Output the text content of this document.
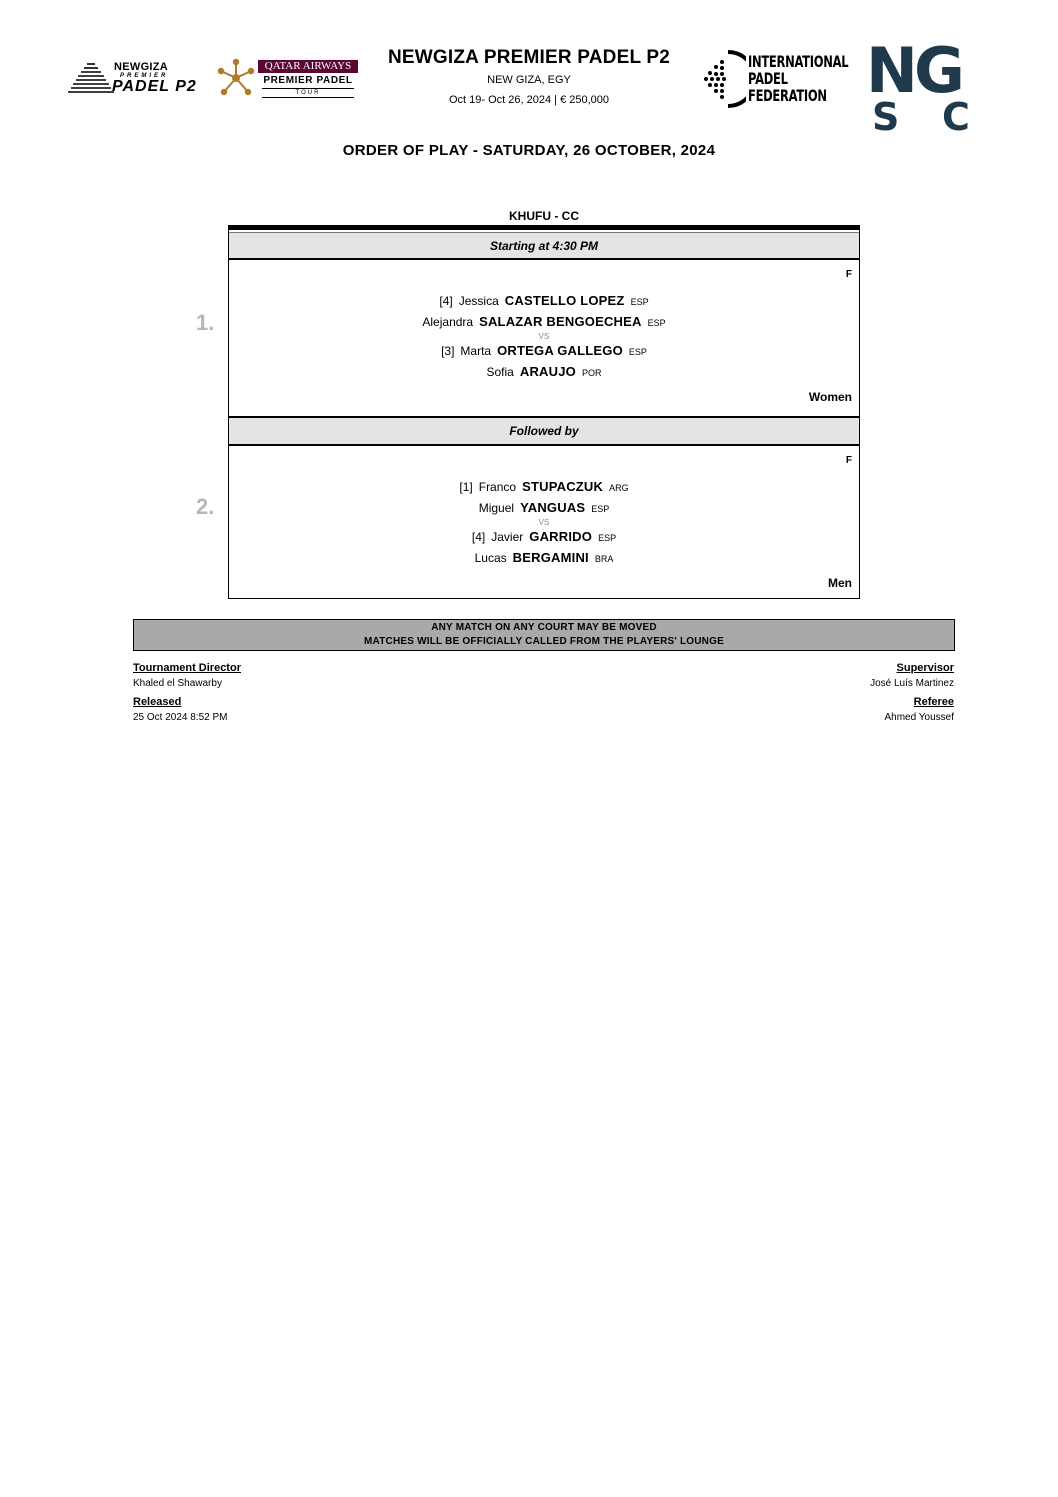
NEWGIZA
PREMIER
PADEL P2
QATAR AIRWAYS
PREMIER PADEL
TOUR
NEWGIZA PREMIER PADEL P2
NEW GIZA, EGY
Oct 19- Oct 26, 2024 | € 250,000
INTERNATIONAL
PADEL
FEDERATION N
G
S C
ORDER OF PLAY - SATURDAY, 26 OCTOBER, 2024
KHUFU - CC
1.
2.
Starting at 4:30 PM
F
[4] Jessica CASTELLO LOPEZ ESP
Alejandra SALAZAR BENGOECHEA ESP
VS
[3] Marta ORTEGA GALLEGO ESP
Sofia ARAUJO POR
Women
Followed by
F
[1] Franco STUPACZUK ARG
Miguel YANGUAS ESP
VS
[4] Javier GARRIDO ESP
Lucas BERGAMINI BRA
Men
ANY MATCH ON ANY COURT MAY BE MOVED
MATCHES WILL BE OFFICIALLY CALLED FROM THE PLAYERS' LOUNGE
Tournament Director
Khaled el Shawarby
Released
25 Oct 2024 8:52 PM
Supervisor
José Luís Martinez
Referee
Ahmed Youssef
